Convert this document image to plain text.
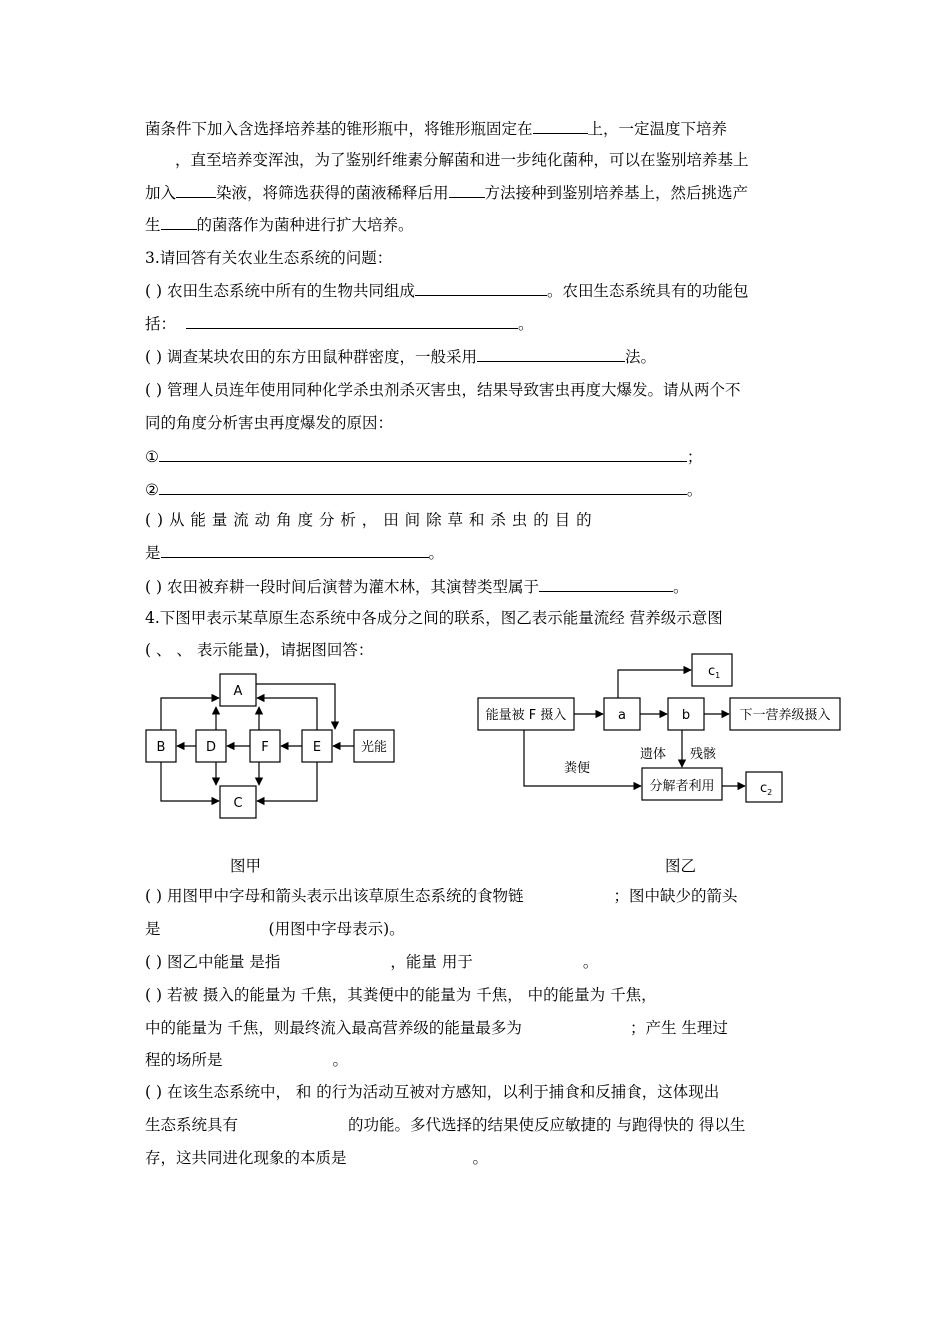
菌条件下加入含选择培养基的锥形瓶中，将锥形瓶固定在	上，一定温度下培养
，直至培养变浑浊，为了鉴别纤维素分解菌和进一步纯化菌种，可以在鉴别培养基上
加入	染液，将筛选获得的菌液稀释后用 方法接种到鉴别培养基上，然后挑选产
生 的菌落作为菌种进行扩大培养。
3.请回答有关农业生态系统的问题：
( ) 农田生态系统中所有的生物共同组成	。农田生态系统具有的功能包
括：	。
( ) 调查某块农田的东方田鼠种群密度，一般采用	法。
( ) 管理人员连年使用同种化学杀虫剂杀灭害虫，结果导致害虫再度大爆发。请从两个不
同的角度分析害虫再度爆发的原因：
①	；
②	。
( ) 从 能 量 流 动 角 度 分 析 ， 田 间 除 草 和 杀 虫 的 目 的
是	。
( ) 农田被弃耕一段时间后演替为灌木林，其演替类型属于	。
4.下图甲表示某草原生态系统中各成分之间的联系，图乙表示能量流经 营养级示意图
( 、 、 表示能量)，请据图回答：
A
B	D	F	E	光能
C
能量被 F 摄入	a	b	下一营养级摄入
$c_1$
分解者利用	$c_2$
粪便
遗体 残骸
图甲	图乙
( ) 用图甲中字母和箭头表示出该草原生态系统的食物链	；图中缺少的箭头
是	(用图中字母表示)。
( ) 图乙中能量 是指	，能量 用于	。
( ) 若被 摄入的能量为 千焦，其粪便中的能量为 千焦， 中的能量为 千焦，
中的能量为 千焦，则最终流入最高营养级的能量最多为	；产生 生理过
程的场所是	。
( ) 在该生态系统中， 和 的行为活动互被对方感知，以利于捕食和反捕食，这体现出
生态系统具有	的功能。多代选择的结果使反应敏捷的 与跑得快的 得以生
存，这共同进化现象的本质是	。
